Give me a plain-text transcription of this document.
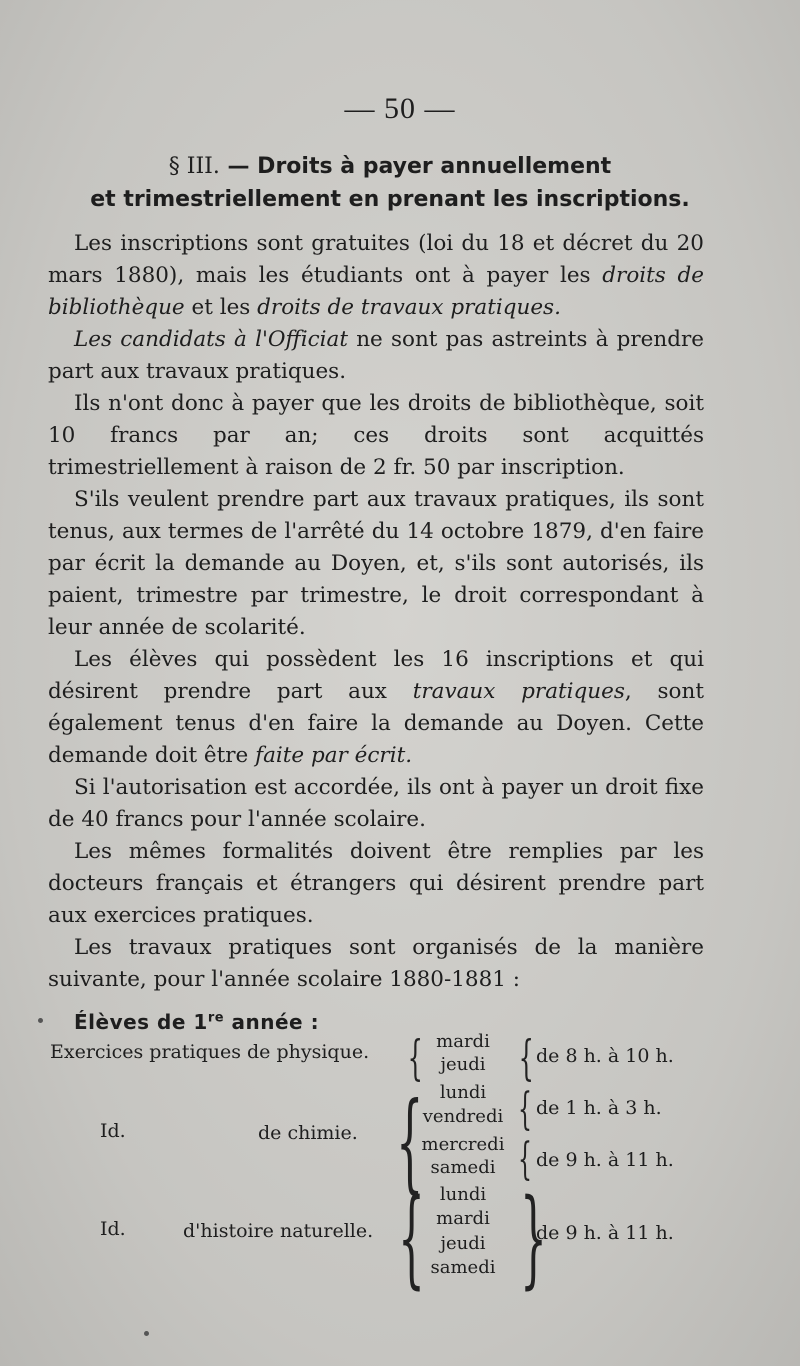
— 50 —
§ III. — Droits à payer annuellement
et trimestriellement en prenant les inscriptions.

Les inscriptions sont gratuites (loi du 18 et décret du 20 mars 1880), mais les étudiants ont à payer les droits de bibliothèque et les droits de travaux pratiques.

Les candidats à l'Officiat ne sont pas astreints à prendre part aux travaux pratiques.

Ils n'ont donc à payer que les droits de bibliothèque, soit 10 francs par an; ces droits sont acquittés trimestriellement à raison de 2 fr. 50 par inscription.

S'ils veulent prendre part aux travaux pratiques, ils sont tenus, aux termes de l'arrêté du 14 octobre 1879, d'en faire par écrit la demande au Doyen, et, s'ils sont autorisés, ils paient, trimestre par trimestre, le droit correspondant à leur année de scolarité.

Les élèves qui possèdent les 16 inscriptions et qui désirent prendre part aux travaux pratiques, sont également tenus d'en faire la demande au Doyen. Cette demande doit être faite par écrit.

Si l'autorisation est accordée, ils ont à payer un droit fixe de 40 francs pour l'année scolaire.

Les mêmes formalités doivent être remplies par les docteurs français et étrangers qui désirent prendre part aux exercices pratiques.

Les travaux pratiques sont organisés de la manière suivante, pour l'année scolaire 1880-1881 :

Élèves de 1re année :
Exercices pratiques de physique. { mardi
jeudi { de 8 h. à 10 h.
Id.	de chimie. { lundi
vendredi { de 1 h. à 3 h.
mercredi
samedi { de 9 h. à 11 h.
Id.	d'histoire naturelle. { lundi
mardi
jeudi
samedi }
de 9 h. à 11 h.
